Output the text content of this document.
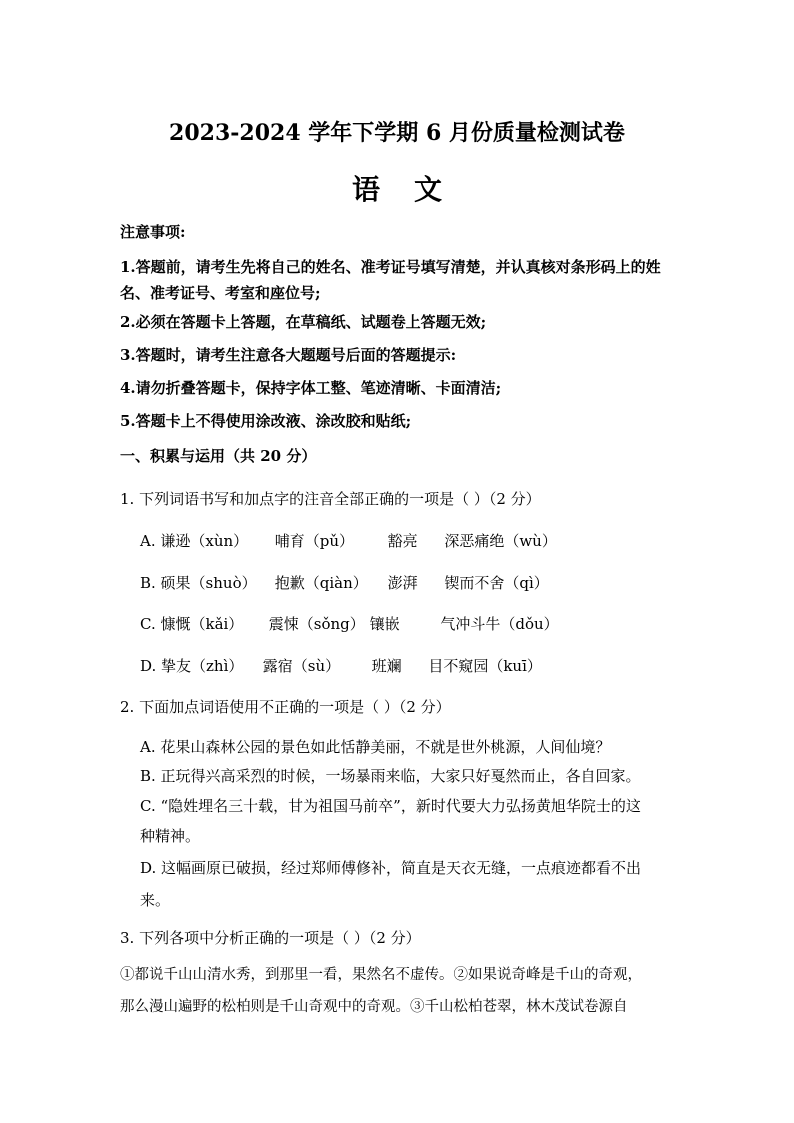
2023-2024 学年下学期 6 月份质量检测试卷
语文
注意事项:
1.答题前，请考生先将自己的姓名、准考证号填写清楚，并认真核对条形码上的姓名、准考证号、考室和座位号;
2.必须在答题卡上答题，在草稿纸、试题卷上答题无效;
3.答题时，请考生注意各大题题号后面的答题提示:
4.请勿折叠答题卡，保持字体工整、笔迹清晰、卡面清洁;
5.答题卡上不得使用涂改液、涂改胶和贴纸;
一、积累与运用（共 20 分）
1. 下列词语书写和加点字的注音全部正确的一项是（ ）（2 分）
A. 谦逊（xùn） 哺育（pǔ） 豁亮 深恶痛绝（wù）
B. 硕果（shuò） 抱歉（qiàn） 澎湃 锲而不舍（qì）
C. 慷慨（kǎi） 震悚（sǒng） 镶嵌	气冲斗牛（dǒu）
D. 挚友（zhì） 露宿（sù） 班斓 目不窥园（kuī）
2. 下面加点词语使用不正确的一项是（ ）（2 分）
A. 花果山森林公园的景色如此恬静美丽，不就是世外桃源，人间仙境？
B. 正玩得兴高采烈的时候，一场暴雨来临，大家只好戛然而止，各自回家。
C. “隐姓埋名三十载，甘为祖国马前卒”，新时代要大力弘扬黄旭华院士的这
种精神。
D. 这幅画原已破损，经过郑师傅修补，简直是天衣无缝，一点痕迹都看不出
来。
3. 下列各项中分析正确的一项是（ ）（2 分）
①都说千山山清水秀，到那里一看，果然名不虚传。②如果说奇峰是千山的奇观，
那么漫山遍野的松柏则是千山奇观中的奇观。③千山松柏苍翠，林木茂试卷源自
